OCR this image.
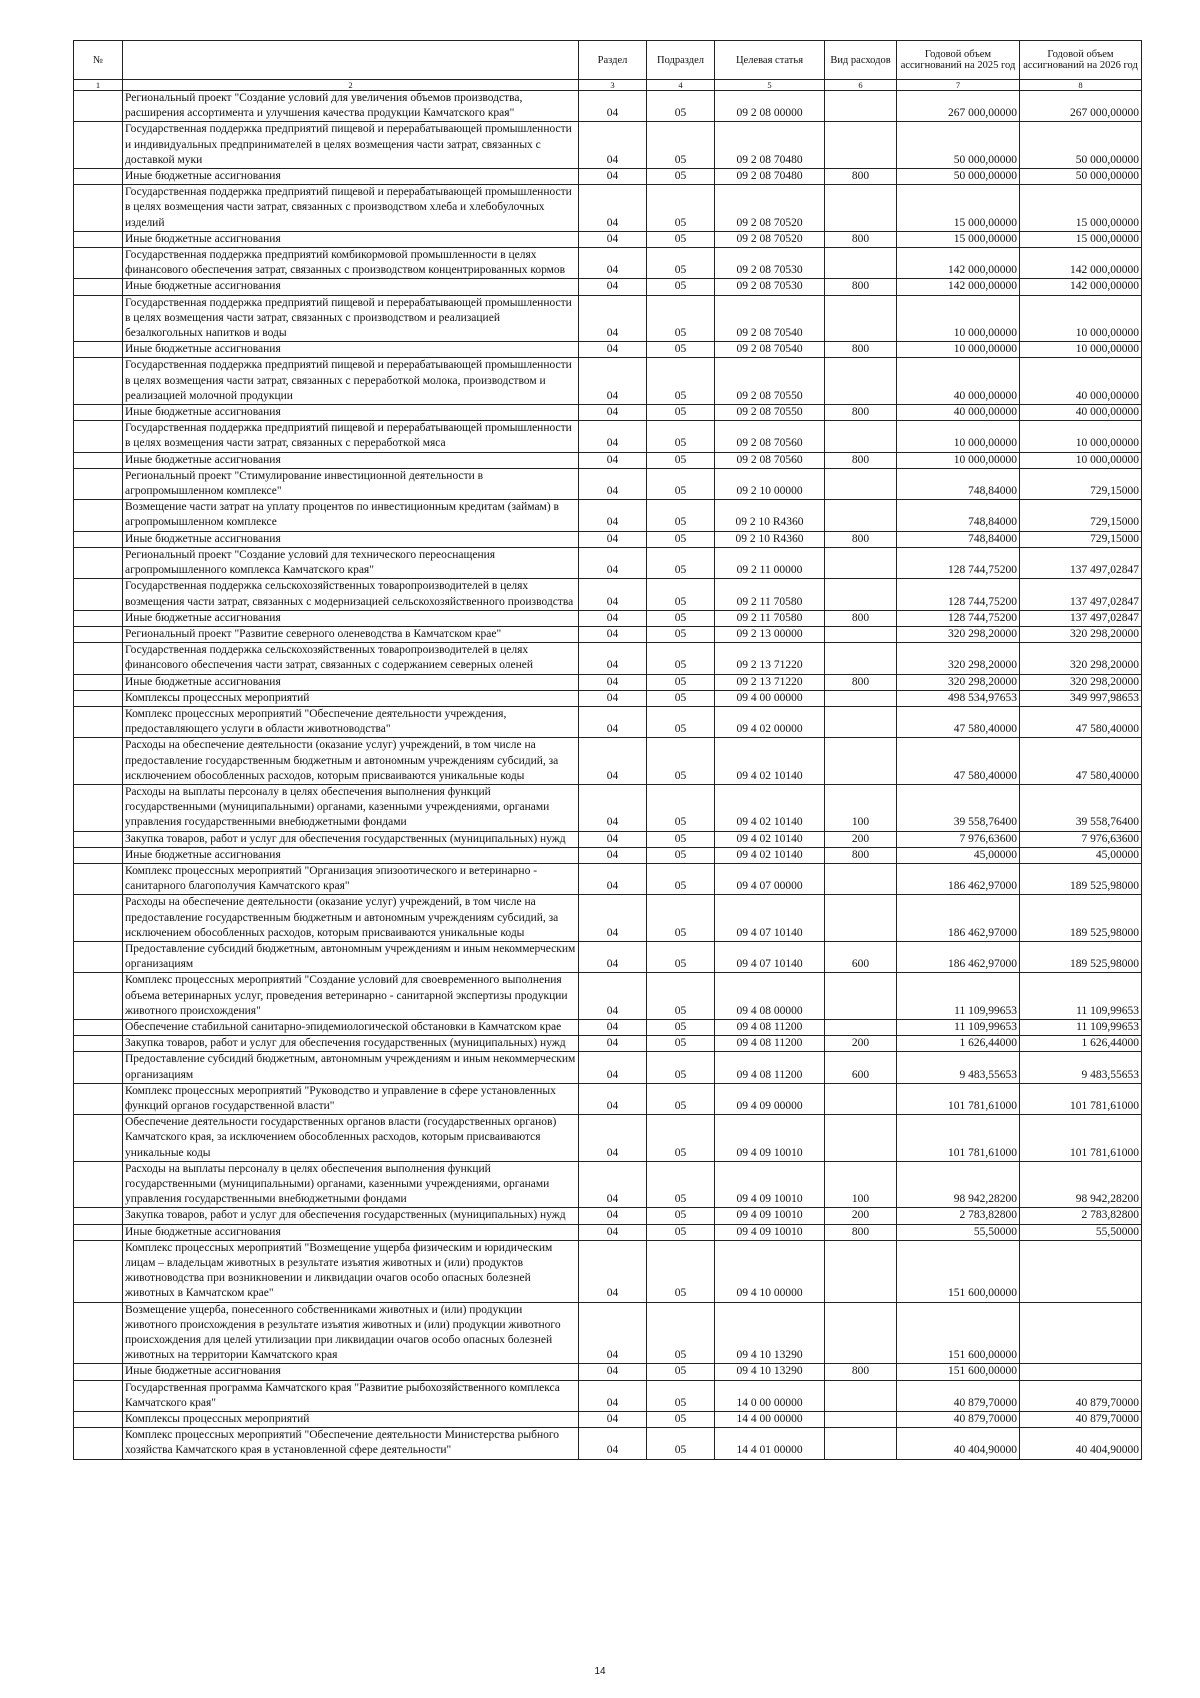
№		Раздел	Подраздел	Целевая статья	Вид расходов	Годовой объем ассигнований на 2025 год	Годовой объем ассигнований на 2026 год
1	2	3	4	5	6	7	8
	Региональный проект "Создание условий для увеличения объемов производства, расширения ассортимента и улучшения качества продукции Камчатского края"	04	05	09 2 08 00000		267 000,00000	267 000,00000
	Государственная поддержка предприятий пищевой и перерабатывающей промышленности и индивидуальных предпринимателей в целях возмещения части затрат, связанных с доставкой муки	04	05	09 2 08 70480		50 000,00000	50 000,00000
	Иные бюджетные ассигнования	04	05	09 2 08 70480	800	50 000,00000	50 000,00000
	Государственная поддержка предприятий пищевой и перерабатывающей промышленности в целях возмещения части затрат, связанных с производством хлеба и хлебобулочных изделий	04	05	09 2 08 70520		15 000,00000	15 000,00000
	Иные бюджетные ассигнования	04	05	09 2 08 70520	800	15 000,00000	15 000,00000
	Государственная поддержка предприятий комбикормовой промышленности в целях финансового обеспечения затрат, связанных с производством концентрированных кормов	04	05	09 2 08 70530		142 000,00000	142 000,00000
	Иные бюджетные ассигнования	04	05	09 2 08 70530	800	142 000,00000	142 000,00000
	Государственная поддержка предприятий пищевой и перерабатывающей промышленности в целях возмещения части затрат, связанных с производством и реализацией безалкогольных напитков и воды	04	05	09 2 08 70540		10 000,00000	10 000,00000
	Иные бюджетные ассигнования	04	05	09 2 08 70540	800	10 000,00000	10 000,00000
	Государственная поддержка предприятий пищевой и перерабатывающей промышленности в целях возмещения части затрат, связанных с переработкой молока, производством и реализацией молочной продукции	04	05	09 2 08 70550		40 000,00000	40 000,00000
	Иные бюджетные ассигнования	04	05	09 2 08 70550	800	40 000,00000	40 000,00000
	Государственная поддержка предприятий пищевой и перерабатывающей промышленности в целях возмещения части затрат, связанных с переработкой мяса	04	05	09 2 08 70560		10 000,00000	10 000,00000
	Иные бюджетные ассигнования	04	05	09 2 08 70560	800	10 000,00000	10 000,00000
	Региональный проект "Стимулирование инвестиционной деятельности в агропромышленном комплексе"	04	05	09 2 10 00000		748,84000	729,15000
	Возмещение части затрат на уплату процентов по инвестиционным кредитам (займам) в агропромышленном комплексе	04	05	09 2 10 R4360		748,84000	729,15000
	Иные бюджетные ассигнования	04	05	09 2 10 R4360	800	748,84000	729,15000
	Региональный проект "Создание условий для технического переоснащения агропромышленного комплекса Камчатского края"	04	05	09 2 11 00000		128 744,75200	137 497,02847
	Государственная поддержка сельскохозяйственных товаропроизводителей в целях возмещения части затрат, связанных с модернизацией сельскохозяйственного производства	04	05	09 2 11 70580		128 744,75200	137 497,02847
	Иные бюджетные ассигнования	04	05	09 2 11 70580	800	128 744,75200	137 497,02847
	Региональный проект "Развитие северного оленеводства в Камчатском крае"	04	05	09 2 13 00000		320 298,20000	320 298,20000
	Государственная поддержка сельскохозяйственных товаропроизводителей в целях финансового обеспечения части затрат, связанных с содержанием северных оленей	04	05	09 2 13 71220		320 298,20000	320 298,20000
	Иные бюджетные ассигнования	04	05	09 2 13 71220	800	320 298,20000	320 298,20000
	Комплексы процессных мероприятий	04	05	09 4 00 00000		498 534,97653	349 997,98653
	Комплекс процессных мероприятий "Обеспечение деятельности учреждения, предоставляющего услуги в области животноводства"	04	05	09 4 02 00000		47 580,40000	47 580,40000
	Расходы на обеспечение деятельности (оказание услуг) учреждений, в том числе на предоставление государственным бюджетным и автономным учреждениям субсидий, за исключением обособленных расходов, которым присваиваются уникальные коды	04	05	09 4 02 10140		47 580,40000	47 580,40000
	Расходы на выплаты персоналу в целях обеспечения выполнения функций государственными (муниципальными) органами, казенными учреждениями, органами управления государственными внебюджетными фондами	04	05	09 4 02 10140	100	39 558,76400	39 558,76400
	Закупка товаров, работ и услуг для обеспечения государственных (муниципальных) нужд	04	05	09 4 02 10140	200	7 976,63600	7 976,63600
	Иные бюджетные ассигнования	04	05	09 4 02 10140	800	45,00000	45,00000
	Комплекс процессных мероприятий "Организация эпизоотического и ветеринарно - санитарного благополучия Камчатского края"	04	05	09 4 07 00000		186 462,97000	189 525,98000
	Расходы на обеспечение деятельности (оказание услуг) учреждений, в том числе на предоставление государственным бюджетным и автономным учреждениям субсидий, за исключением обособленных расходов, которым присваиваются уникальные коды	04	05	09 4 07 10140		186 462,97000	189 525,98000
	Предоставление субсидий бюджетным, автономным учреждениям и иным некоммерческим организациям	04	05	09 4 07 10140	600	186 462,97000	189 525,98000
	Комплекс процессных мероприятий "Создание условий для своевременного выполнения объема ветеринарных услуг, проведения ветеринарно - санитарной экспертизы продукции животного происхождения"	04	05	09 4 08 00000		11 109,99653	11 109,99653
	Обеспечение стабильной санитарно-эпидемиологической обстановки в Камчатском крае	04	05	09 4 08 11200		11 109,99653	11 109,99653
	Закупка товаров, работ и услуг для обеспечения государственных (муниципальных) нужд	04	05	09 4 08 11200	200	1 626,44000	1 626,44000
	Предоставление субсидий бюджетным, автономным учреждениям и иным некоммерческим организациям	04	05	09 4 08 11200	600	9 483,55653	9 483,55653
	Комплекс процессных мероприятий "Руководство и управление в сфере установленных функций органов государственной власти"	04	05	09 4 09 00000		101 781,61000	101 781,61000
	Обеспечение деятельности государственных органов власти (государственных органов) Камчатского края, за исключением обособленных расходов, которым присваиваются уникальные коды	04	05	09 4 09 10010		101 781,61000	101 781,61000
	Расходы на выплаты персоналу в целях обеспечения выполнения функций государственными (муниципальными) органами, казенными учреждениями, органами управления государственными внебюджетными фондами	04	05	09 4 09 10010	100	98 942,28200	98 942,28200
	Закупка товаров, работ и услуг для обеспечения государственных (муниципальных) нужд	04	05	09 4 09 10010	200	2 783,82800	2 783,82800
	Иные бюджетные ассигнования	04	05	09 4 09 10010	800	55,50000	55,50000
	Комплекс процессных мероприятий "Возмещение ущерба физическим и юридическим лицам – владельцам животных в результате изъятия животных и (или) продуктов животноводства при возникновении и ликвидации очагов особо опасных болезней животных в Камчатском крае"	04	05	09 4 10 00000		151 600,00000	
	Возмещение ущерба, понесенного собственниками животных и (или) продукции животного происхождения в результате изъятия животных и (или) продукции животного происхождения для целей утилизации при ликвидации очагов особо опасных болезней животных на территории Камчатского края	04	05	09 4 10 13290		151 600,00000	
	Иные бюджетные ассигнования	04	05	09 4 10 13290	800	151 600,00000	
	Государственная программа Камчатского края "Развитие рыбохозяйственного комплекса Камчатского края"	04	05	14 0 00 00000		40 879,70000	40 879,70000
	Комплексы процессных мероприятий	04	05	14 4 00 00000		40 879,70000	40 879,70000
	Комплекс процессных мероприятий "Обеспечение деятельности Министерства рыбного хозяйства Камчатского края в установленной сфере деятельности"	04	05	14 4 01 00000		40 404,90000	40 404,90000
14
